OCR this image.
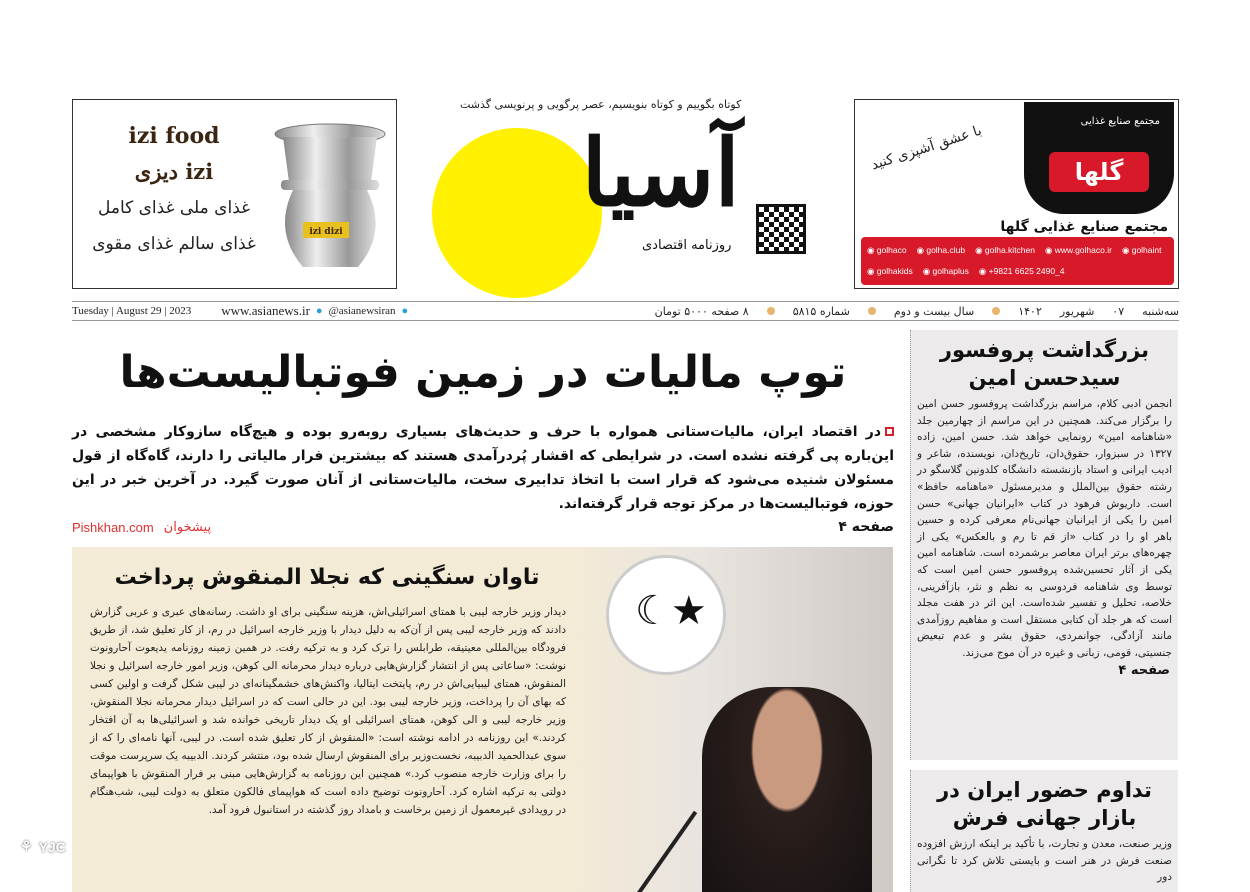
izi food
دیزی izi
غذای ملی غذای کامل
غذای سالم غذای مقوی
izi dizi
با عشق آشپزی کنید
مجتمع صنایع غذایی
گلها
مجتمع صنایع غذایی گلها
◉ golhaco	◉ golha.club	◉ golha.kitchen	◉ www.golhaco.ir	◉ golhaint
◉ golhakids	◉ golhaplus	◉ +9821 6625 2490_4
آسیا
کوتاه بگوییم و کوتاه بنویسیم، عصر پرگویی و پرنویسی گذشت
روزنامه اقتصادی
Tuesday | August 29 | 2023 www.asianews.ir ● @asianewsiran ●	سه‌شنبه
۰۷
شهریور
۱۴۰۲
سال بیست و دوم
شماره ۵۸۱۵
۸ صفحه ۵۰۰۰ تومان
توپ مالیات در زمین فوتبالیست‌ها
در اقتصاد ایران، مالیات‌ستانی همواره با حرف و حدیث‌های بسیاری روبه‌رو بوده و هیچ‌گاه سازوکار مشخصی در این‌باره پی گرفته نشده است. در شرایطی که اقشار پُردرآمدی هستند که بیشترین فرار مالیاتی را دارند، گاه‌گاه از قول مسئولان شنیده می‌شود که قرار است با اتخاذ تدابیری سخت، مالیات‌ستانی از آنان صورت گیرد. در آخرین خبر در این حوزه، فوتبالیست‌ها در مرکز توجه قرار گرفته‌اند.
صفحه ۴
Pishkhan.com پیشخوان
☾★
تاوان سنگینی که نجلا المنقوش پرداخت
دیدار وزیر خارجه لیبی با همتای اسرائیلی‌اش، هزینه سنگینی برای او داشت. رسانه‌های عبری و عربی گزارش دادند که وزیر خارجه لیبی پس از آن‌که به دلیل دیدار با وزیر خارجه اسرائیل در رم، از کار تعلیق شد، از طریق فرودگاه بین‌المللی معیتیقه، طرابلس را ترک کرد و به ترکیه رفت. در همین زمینه روزنامه یدیعوت آحارونوت نوشت: «ساعاتی پس از انتشار گزارش‌هایی درباره دیدار محرمانه الی کوهن، وزیر امور خارجه اسرائیل و نجلا المنقوش، همتای لیبیایی‌اش در رم، پایتخت ایتالیا، واکنش‌های خشمگینانه‌ای در لیبی شکل گرفت و اولین کسی که بهای آن را پرداخت، وزیر خارجه لیبی بود. این در حالی است که در اسرائیل دیدار محرمانه نجلا المنقوش، وزیر خارجه لیبی و الی کوهن، همتای اسرائیلی او یک دیدار تاریخی خوانده شد و اسرائیلی‌ها به آن افتخار کردند.» این روزنامه در ادامه نوشته است: «المنقوش از کار تعلیق شده است. در لیبی، آنها نامه‌ای را که از سوی عبدالحمید الدبیبه، نخست‌وزیر برای المنقوش ارسال شده بود، منتشر کردند. الدبیبه یک سرپرست موقت را برای وزارت خارجه منصوب کرد.» همچنین این روزنامه به گزارش‌هایی مبنی بر فرار المنقوش با هواپیمای دولتی به ترکیه اشاره کرد. آحارونوت توضیح داده است که هواپیمای فالکون متعلق به دولت لیبی، شب‌هنگام در رویدادی غیرمعمول از زمین برخاست و بامداد روز گذشته در استانبول فرود آمد.
⚘ YJC
بزرگداشت پروفسور سیدحسن امین
انجمن ادبی کلام، مراسم بزرگداشت پروفسور حسن امین را برگزار می‌کند. همچنین در این مراسم از چهارمین جلد «شاهنامه امین» رونمایی خواهد شد. حسن امین، زاده ۱۳۲۷ در سبزوار، حقوق‌دان، تاریخ‌دان، نویسنده، شاعر و ادیب ایرانی و استاد بازنشسته دانشگاه کلدونین گلاسگو در رشته حقوق بین‌الملل و مدیرمسئول «ماهنامه حافظ» است. داریوش فرهود در کتاب «ایرانیان جهانی» حسن امین را یکی از ایرانیان جهانی‌نام معرفی کرده و حسین باهر او را در کتاب «از قم تا رم و بالعکس» یکی از چهره‌های برتر ایران معاصر برشمرده است. شاهنامه امین یکی از آثار تحسین‌شده پروفسور حسن امین است که توسط وی شاهنامه فردوسی به نظم و نثر، بازآفرینی، خلاصه، تحلیل و تفسیر شده‌است. این اثر در هفت مجلد است که هر جلد آن کتابی مستقل است و مفاهیم روزآمدی مانند آزادگی، جوانمردی، حقوق بشر و عدم تبعیض جنسیتی، قومی، زبانی و غیره در آن موج می‌زند.
صفحه ۴
تداوم حضور ایران در بازار جهانی فرش
وزیر صنعت، معدن و تجارت، با تأکید بر اینکه ارزش افزوده صنعت فرش در هنر است و بایستی تلاش کرد تا نگرانی دور
